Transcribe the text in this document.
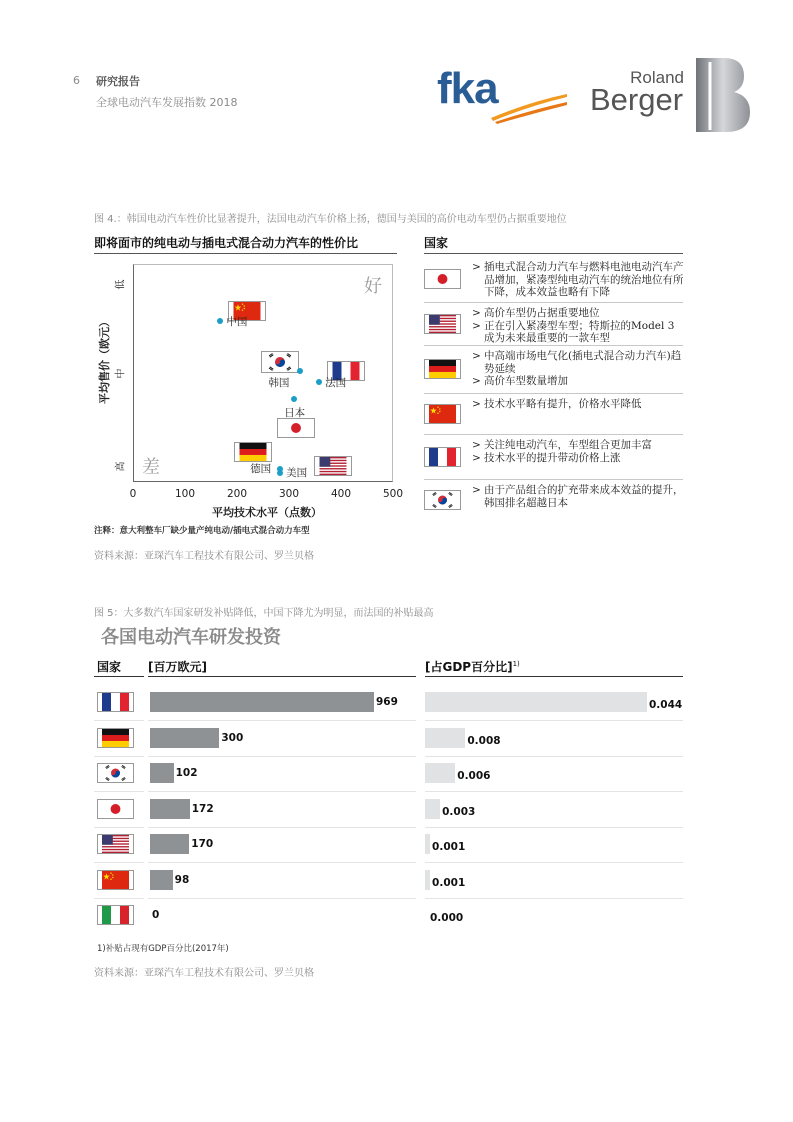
6 研究报告
全球电动汽车发展指数 2018	fka	Roland
Berger
图 4.：韩国电动汽车性价比显著提升，法国电动汽车价格上扬，德国与美国的高价电动车型仍占据重要地位
即将面市的纯电动与插电式混合动力汽车的性价比	国家
好
差
平均售价（欧元）
低
中
高
0	100	200	300	400	500
平均技术水平（点数）
中国
韩国	法国
日本
德国 美国
注释：意大利整车厂缺少量产纯电动/插电式混合动力车型
资料来源：亚琛汽车工程技术有限公司、罗兰贝格
> 插电式混合动力汽车与燃料电池电动汽车产品增加，紧凑型纯电动汽车的统治地位有所下降，成本效益也略有下降
> 高价车型仍占据重要地位
> 正在引入紧凑型车型；特斯拉的Model 3成为未来最重要的一款车型
> 中高端市场电气化(插电式混合动力汽车)趋势延续
> 高价车型数量增加
> 技术水平略有提升，价格水平降低
> 关注纯电动汽车，车型组合更加丰富
> 技术水平的提升带动价格上涨
> 由于产品组合的扩充带来成本效益的提升，韩国排名超越日本
图 5：大多数汽车国家研发补贴降低，中国下降尤为明显，而法国的补贴最高
各国电动汽车研发投资
国家 [百万欧元]	[占GDP百分比]$^{1)}$
969	0.044
300	0.008
102	0.006
172	0.003
170	0.001
98	0.001
0	0.000
1)补贴占现有GDP百分比(2017年)
资料来源：亚琛汽车工程技术有限公司、罗兰贝格
